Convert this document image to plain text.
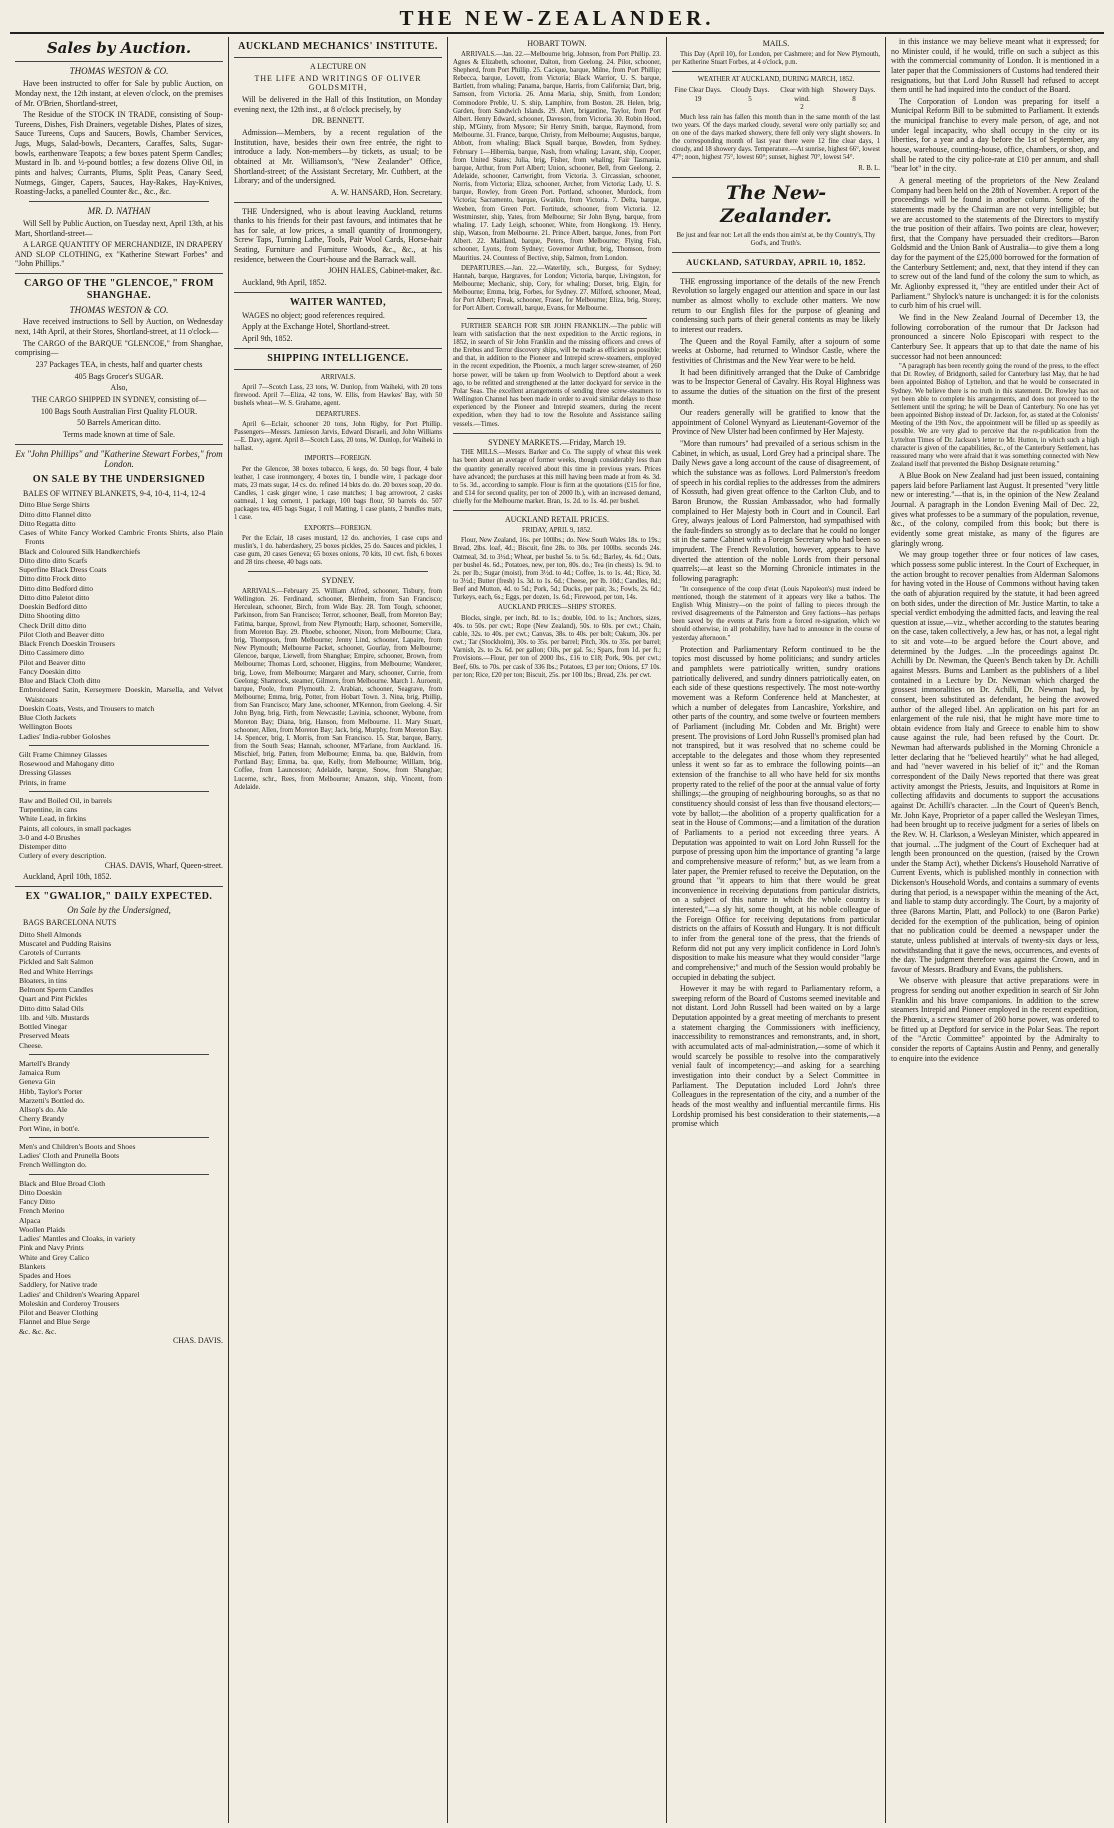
THE NEW-ZEALANDER.
Sales by Auction.
THOMAS WESTON & CO.

Have been instructed to offer for Sale by public Auction, on Monday next, the 12th instant, at eleven o'clock, on the premises of Mr. O'Brien, Shortland-street,

The Residue of the STOCK IN TRADE, consisting of Soup-Tureens, Dishes, Fish Drainers, vegetable Dishes, Plates of sizes, Sauce Tureens, Cups and Saucers, Bowls, Chamber Services, Jugs, Mugs, Salad-bowls, Decanters, Caraffes, Salts, Sugar-bowls, earthenware Teapots; a few boxes patent Sperm Candles; Mustard in lb. and ½-pound bottles; a few dozens Olive Oil, in pints and halves; Currants, Plums, Split Peas, Canary Seed, Nutmegs, Ginger, Capers, Sauces, Hay-Rakes, Hay-Knives, Roasting-Jacks, a panelled Counter &c., &c., &c.

MR. D. NATHAN

Will Sell by Public Auction, on Tuesday next, April 13th, at his Mart, Shortland-street—

A LARGE QUANTITY OF MERCHANDIZE, IN DRAPERY AND SLOP CLOTHING, ex "Katherine Stewart Forbes" and "John Phillips."

CARGO OF THE "GLENCOE," FROM SHANGHAE.
THOMAS WESTON & CO.

Have received instructions to Sell by Auction, on Wednesday next, 14th April, at their Stores, Shortland-street, at 11 o'clock—

The CARGO of the BARQUE "GLENCOE," from Shanghae, comprising—

237 Packages TEA, in chests, half and quarter chests

405 Bags Grocer's SUGAR.

Also,

THE CARGO SHIPPED IN SYDNEY, consisting of—

100 Bags South Australian First Quality FLOUR.

50 Barrels American ditto.

Terms made known at time of Sale.

Ex "John Phillips" and "Katherine Stewart Forbes," from London.
ON SALE BY THE UNDERSIGNED

BALES OF WITNEY BLANKETS, 9-4, 10-4, 11-4, 12-4

Ditto Blue Serge Shirts
Ditto ditto Flannel ditto
Ditto Regatta ditto
Cases of White Fancy Worked Cambric Fronts Shirts, also Plain Fronts
Black and Coloured Silk Handkerchiefs
Ditto ditto ditto Scarfs
Superfine Black Dress Coats
Ditto ditto Frock ditto
Ditto ditto Bedford ditto
Ditto ditto Paletot ditto
Doeskin Bedford ditto
Ditto Shooting ditto
Check Drill ditto ditto
Pilot Cloth and Beaver ditto
Black French Doeskin Trousers
Ditto Cassimere ditto
Pilot and Beaver ditto
Fancy Doeskin ditto
Blue and Black Cloth ditto
Embroidered Satin, Kerseymere Doeskin, Marsella, and Velvet Waistcoats
Doeskin Coats, Vests, and Trousers to match
Blue Cloth Jackets
Wellington Boots
Ladies' India-rubber Goloshes
Gilt Frame Chimney Glasses
Rosewood and Mahogany ditto
Dressing Glasses
Prints, in frame
Raw and Boiled Oil, in barrels
Turpentine, in cans
White Lead, in firkins
Paints, all colours, in small packages
3-0 and 4-0 Brushes
Distemper ditto
Cutlery of every description.

CHAS. DAVIS, Wharf, Queen-street.

Auckland, April 10th, 1852.

EX "GWALIOR," DAILY EXPECTED.
On Sale by the Undersigned,

BAGS BARCELONA NUTS

Ditto Shell Almonds
Muscatel and Pudding Raisins
Carotels of Currants
Pickled and Salt Salmon
Red and White Herrings
Bloaters, in tins
Belmont Sperm Candles
Quart and Pint Pickles
Ditto ditto Salad Oils
1lb. and ½lb. Mustards
Bottled Vinegar
Preserved Meats
Cheese.
Martell's Brandy
Jamaica Rum
Geneva Gin
Hibb, Taylor's Porter
Marzetti's Bottled do.
Allsop's do. Ale
Cherry Brandy
Port Wine, in bott'e.
Men's and Children's Boots and Shoes
Ladies' Cloth and Prunella Boots
French Wellington do.
Black and Blue Broad Cloth
Ditto Doeskin
Fancy Ditto
French Merino
Alpaca
Woollen Plaids
Ladies' Mantles and Cloaks, in variety
Pink and Navy Prints
White and Grey Calico
Blankets
Spades and Hoes
Saddlery, for Native trade
Ladies' and Children's Wearing Apparel
Moleskin and Corderoy Trousers
Pilot and Beaver Clothing
Flannel and Blue Serge
&c. &c. &c.

CHAS. DAVIS.

AUCKLAND MECHANICS' INSTITUTE.

A LECTURE ON

THE LIFE AND WRITINGS OF OLIVER GOLDSMITH,

Will be delivered in the Hall of this Institution, on Monday evening next, the 12th inst., at 8 o'clock precisely, by

DR. BENNETT.

Admission—Members, by a recent regulation of the Institution, have, besides their own free entrée, the right to introduce a lady. Non-members—by tickets, as usual; to be obtained at Mr. Williamson's, "New Zealander" Office, Shortland-street; of the Assistant Secretary, Mr. Cuthbert, at the Library; and of the undersigned.

A. W. HANSARD, Hon. Secretary.

THE Undersigned, who is about leaving Auckland, returns thanks to his friends for their past favours, and intimates that he has for sale, at low prices, a small quantity of Ironmongery, Screw Taps, Turning Lathe, Tools, Pair Wool Cards, Horse-hair Seating, Furniture and Furniture Woods, &c., &c., at his residence, between the Court-house and the Barrack wall.

JOHN HALES, Cabinet-maker, &c.

Auckland, 9th April, 1852.

WAITER WANTED,

WAGES no object; good references required.

Apply at the Exchange Hotel, Shortland-street.

April 9th, 1852.

SHIPPING INTELLIGENCE.

ARRIVALS.

April 7—Scotch Lass, 23 tons, W. Dunlop, from Waiheki, with 20 tons firewood. April 7—Eliza, 42 tons, W. Ellis, from Hawkes' Bay, with 50 bushels wheat—W. S. Grahame, agent.

DEPARTURES.

April 6—Eclair, schooner 20 tons, John Rigby, for Port Phillip. Passengers—Messrs. Jamieson Jarvis, Edward Disraeli, and John Williams—E. Davy, agent. April 8—Scotch Lass, 20 tons, W. Dunlop, for Waiheki in ballast.

IMPORTS—FOREIGN.

Per the Glencoe, 38 boxes tobacco, 6 kegs, do. 50 bags flour, 4 bale leather, 1 case ironmongery, 4 boxes tin, 1 bundle wire, 1 package door mats, 23 mats sugar, 14 cs. do. refined 14 bkts do. do. 20 boxes soap, 20 do. Candles, 1 cask ginger wine, 1 case matches; 1 bag arrowroot, 2 casks oatmeal, 1 keg cement, 1 package, 100 bags flour, 50 barrels do. 507 packages tea, 405 bags Sugar, 1 roll Matting, 1 case plants, 2 bundles mats, 1 case.

EXPORTS—FOREIGN.

Per the Eclair, 18 cases mustard, 12 do. anchovies, 1 case cups and muslin's, 1 do. haberdashery, 25 boxes pickles, 25 do. Sauces and pickles, 1 case gum, 20 cases Geneva; 65 boxes onions, 70 kits, 10 cwt. fish, 6 boxes and 28 tins cheese, 40 bags oats.

SYDNEY.

ARRIVALS.—February 25. William Alfred, schooner, Tisbury, from Wellington. 26. Ferdinand, schooner, Blenheim, from San Francisco; Herculean, schooner, Birch, from Wide Bay. 28. Tom Tough, schooner, Parkinson, from San Francisco; Terror, schooner, Beall, from Moreton Bay; Fatima, barque, Sprowl, from New Plymouth; Harp, schooner, Somerville, from Moreton Bay. 29. Phoebe, schooner, Nixon, from Melbourne; Clara, brig, Thompson, from Melbourne; Jenny Lind, schooner, Lapaire, from New Plymouth; Melbourne Packet, schooner, Gourlay, from Melbourne; Glencoe, barque, Liewell, from Shanghae; Empire, schooner, Brown, from Melbourne; Thomas Lord, schooner, Higgins, from Melbourne; Wanderer, brig, Lowe, from Melbourne; Margaret and Mary, schooner, Currie, from Geelong; Shamrock, steamer, Gilmore, from Melbourne. March 1. Auroenit, barque, Poole, from Plymouth. 2. Arabian, schooner, Seagrave, from Melbourne; Emma, brig, Potter, from Hobart Town. 3. Nina, brig, Phillip, from San Francisco; Mary Jane, schooner, M'Kennon, from Geelong. 4. Sir John Byng, brig, Firth, from Newcastle; Lavinia, schooner, Wybone, from Moreton Bay; Diana, brig, Hanson, from Melbourne. 11. Mary Stuart, schooner, Allen, from Moreton Bay; Jack, brig, Murphy, from Moreton Bay. 14. Spencer, brig, I. Morris, from San Francisco. 15. Star, barque, Barry, from the South Seas; Hannah, schooner, M'Farlane, from Auckland. 16. Mischief, brig, Patten, from Melbourne; Emma, ba. que, Baldwin, from Portland Bay; Emma, ba. que, Kelly, from Melbourne; Willlam, brig, Coffee, from Launceston; Adelaide, barque, Snow, from Shanghae; Lucerne, schr., Rees, from Melbourne; Amazon, ship, Vincent, from Adelaide.

HOBART TOWN.

ARRIVALS.—Jan. 22.—Melbourne brig, Johnson, from Port Phillip. 23. Agnes & Elizabeth, schooner, Dalton, from Geelong. 24. Pilot, schooner, Shepherd, from Port Phillip. 25. Cacique, barque, Milne, from Port Phillip; Rebecca, barque, Lovett, from Victoria; Black Warrior, U. S. barque, Bartlett, from whaling; Panama, barque, Harris, from California; Dart, brig, Samson, from Victoria. 26. Anna Maria, ship, Smith, from London; Commodore Preble, U. S. ship, Lamphire, from Boston. 28. Helen, brig, Garden, from Sandwich Islands. 29. Alert, brigantine, Taylor, from Port Albert. Henry Edward, schooner, Daveson, from Victoria. 30. Robin Hood, ship, M'Ginty, from Mysore; Sir Henry Smith, barque, Raymond, from Melbourne. 31. France, barque, Christy, from Melbourne; Augustus, barque, Abbott, from whaling; Black Squall barque, Bowden, from Sydney. February 1—Hibernia, barque, Nash, from whaling; Lavant, ship, Cooper, from United States; Julia, brig, Fisher, from whaling; Fair Tasmania, barque, Arthur, from Port Albert; Union, schooner, Bell, from Geelong. 2. Adelaide, schooner, Cartwright, from Victoria. 3. Circassian, schooner, Norris, from Victoria; Eliza, schooner, Archer, from Victoria; Lady, U. S. barque, Rowley, from Green Port. Portland, schooner, Murdock, from Victoria; Sacramento, barque, Gwatkin, from Victoria. 7. Delta, barque, Weeben, from Green Port. Fortitude, schooner, from Victoria. 12. Westminster, ship, Yates, from Melbourne; Sir John Byng, barque, from whaling. 17. Lady Leigh, schooner, White, from Hongkong. 19. Henry, ship, Watson, from Melbourne. 21. Prince Albert, barque, Jones, from Port Albert. 22. Maitland, barque, Peters, from Melbourne; Flying Fish, schooner, Lyons, from Sydney; Governor Arthur, brig, Thomson, from Mauritius. 24. Countess of Bective, ship, Salmon, from London.

DEPARTURES.—Jan. 22.—Waterlily, sch., Burgess, for Sydney; Hannah, barque, Hargraves, for London; Victoria, barque, Livingston, for Melbourne; Mechanic, ship, Cory, for whaling; Dorset, brig, Elgin, for Melbourne; Emma, brig, Forbes, for Sydney. 27. Milford, schooner, Mead, for Port Albert; Freak, schooner, Fraser, for Melbourne; Eliza, brig, Storey, for Port Albert. Cornwall, barque, Evans, for Melbourne.

FURTHER SEARCH FOR SIR JOHN FRANKLIN.—The public will learn with satisfaction that the next expedition to the Arctic regions, in 1852, in search of Sir John Franklin and the missing officers and crews of the Erebus and Terror discovery ships, will be made as efficient as possible; and that, in addition to the Pioneer and Intrepid screw-steamers, employed in the recent expedition, the Phoenix, a much larger screw-steamer, of 260 horse power, will be taken up from Woolwich to Deptford about a week ago, to be refitted and strengthened at the latter dockyard for service in the Polar Seas. The excellent arrangements of sending three screw-steamers to Wellington Channel has been made in order to avoid similar delays to those experienced by the Pioneer and Intrepid steamers, during the recent expedition, when they had to tow the Resolute and Assistance sailing vessels.—Times.

SYDNEY MARKETS.—Friday, March 19.

THE MILLS.—Messrs. Barker and Co. The supply of wheat this week has been about an average of former weeks, though considerably less than the quantity generally received about this time in previous years. Prices have advanced; the purchases at this mill having been made at from 4s. 3d. to 5s. 3d., according to sample. Flour is firm at the quotations (£15 for fine, and £14 for second quality, per ton of 2000 lb.), with an increased demand, chiefly for the Melbourne market. Bran, 1s. 2d. to 1s. 4d. per bushel.

AUCKLAND RETAIL PRICES.

FRIDAY, APRIL 9, 1852.

Flour, New Zealand, 16s. per 100lbs.; do. New South Wales 18s. to 19s.; Bread, 2lbs. loaf, 4d.; Biscuit, fine 28s. to 30s. per 100lbs. seconds 24s. Oatmeal, 3d. to 3½d.; Wheat, per bushel 5s. to 5s. 6d.; Barley, 4s. 6d.; Oats, per bushel 4s. 6d.; Potatoes, new, per ton, 80s. do.; Tea (in chests) 1s. 9d. to 2s. per lb.; Sugar (moist), from 3½d. to 4d.; Coffee, 1s. to 1s. 4d.; Rice, 3d. to 3½d.; Butter (fresh) 1s. 3d. to 1s. 6d.; Cheese, per lb. 10d.; Candles, 8d.; Beef and Mutton, 4d. to 5d.; Pork, 5d.; Ducks, per pair, 3s.; Fowls, 2s. 6d.; Turkeys, each, 6s.; Eggs, per dozen, 1s. 6d.; Firewood, per ton, 14s.

AUCKLAND PRICES—SHIPS' STORES.

Blocks, single, per inch, 8d. to 1s.; double, 10d. to 1s.; Anchors, sizes, 40s. to 50s. per cwt.; Rope (New Zealand), 50s. to 60s. per cwt.; Chain, cable, 32s. to 40s. per cwt.; Canvas, 38s. to 40s. per bolt; Oakum, 30s. per cwt.; Tar (Stockholm), 30s. to 35s. per barrel; Pitch, 30s. to 35s. per barrel; Varnish, 2s. to 2s. 6d. per gallon; Oils, per gal. 5s.; Spars, from 1d. per ft.; Provisions.—Flour, per ton of 2000 lbs., £16 to £18; Pork, 90s. per cwt.; Beef, 60s. to 70s. per cask of 336 lbs.; Potatoes, £3 per ton; Onions, £7 10s. per ton; Rice, £20 per ton; Biscuit, 25s. per 100 lbs.; Bread, 23s. per cwt.

MAILS.

This Day (April 10), for London, per Cashmere; and for New Plymouth, per Katherine Stuart Forbes, at 4 o'clock, p.m.

WEATHER AT AUCKLAND, DURING MARCH, 1852.

Fine Clear Days.
19
Cloudy Days.
5
Clear with high wind.
2
Showery Days.
8

Much less rain has fallen this month than in the same month of the last two years. Of the days marked cloudy, several were only partially so; and on one of the days marked showery, there fell only very slight showers. In the corresponding month of last year there were 12 fine clear days, 1 cloudy, and 18 showery days. Temperature.—At sunrise, highest 66°, lowest 47°; noon, highest 75°, lowest 60°; sunset, highest 70°, lowest 54°.

R. B. L.

The New-Zealander.

Be just and fear not: Let all the ends thou aim'st at, be thy Country's, Thy God's, and Truth's.

AUCKLAND, SATURDAY, APRIL 10, 1852.

THE engrossing importance of the details of the new French Revolution so largely engaged our attention and space in our last number as almost wholly to exclude other matters. We now return to our English files for the purpose of gleaning and condensing such parts of their general contents as may be likely to interest our readers.

The Queen and the Royal Family, after a sojourn of some weeks at Osborne, had returned to Windsor Castle, where the festivities of Christmas and the New Year were to be held.

It had been difinitively arranged that the Duke of Cambridge was to be Inspector General of Cavalry. His Royal Highness was to assume the duties of the situation on the first of the present month.

Our readers generally will be gratified to know that the appointment of Colonel Wynyard as Lieutenant-Governor of the Province of New Ulster had been confirmed by Her Majesty.

"More than rumours" had prevailed of a serious schism in the Cabinet, in which, as usual, Lord Grey had a principal share. The Daily News gave a long account of the cause of disagreement, of which the substance was as follows. Lord Palmerston's freedom of speech in his cordial replies to the addresses from the admirers of Kossuth, had given great offence to the Carlton Club, and to Baron Brunow, the Russian Ambassador, who had formally complained to Her Majesty both in Court and in Council. Earl Grey, always jealous of Lord Palmerston, had sympathised with the fault-finders so strongly as to declare that he could no longer sit in the same Cabinet with a Foreign Secretary who had been so imprudent. The French Revolution, however, appears to have diverted the attention of the noble Lords from their personal quarrels;—at least so the Morning Chronicle intimates in the following paragraph:

"In consequence of the coup d'etat (Louis Napoleon's) must indeed be mentioned, though the statement of it appears very like a bathos. The English Whig Ministry—on the point of falling to pieces through the revived disagreements of the Palmerston and Grey factions—has perhaps been saved by the events at Paris from a forced re-signation, which we should otherwise, in all probability, have had to announce in the course of yesterday afternoon."

Protection and Parliamentary Reform continued to be the topics most discussed by home politicians; and sundry articles and pamphlets were patriotically written, sundry orations patriotically delivered, and sundry dinners patriotically eaten, on each side of these questions respectively. The most note-worthy movement was a Reform Conference held at Manchester, at which a number of delegates from Lancashire, Yorkshire, and other parts of the country, and some twelve or fourteen members of Parliament (including Mr. Cobden and Mr. Bright) were present. The provisions of Lord John Russell's promised plan had not transpired, but it was resolved that no scheme could be acceptable to the delegates and those whom they represented unless it went so far as to embrace the following points—an extension of the franchise to all who have held for six months property rated to the relief of the poor at the annual value of forty shillings;—the grouping of neighbouring boroughs, so as that no constituency should consist of less than five thousand electors;—vote by ballot;—the abolition of a property qualification for a seat in the House of Commons;—and a limitation of the duration of Parliaments to a period not exceeding three years. A Deputation was appointed to wait on Lord John Russell for the purpose of pressing upon him the importance of granting "a large and comprehensive measure of reform;" but, as we learn from a later paper, the Premier refused to receive the Deputation, on the ground that "it appears to him that there would be great inconvenience in receiving deputations from particular districts, on a subject of this nature in which the whole country is interested,"—a sly hit, some thought, at his noble colleague of the Foreign Office for receiving deputations from particular districts on the affairs of Kossuth and Hungary. It is not difficult to infer from the general tone of the press, that the friends of Reform did not put any very implicit confidence in Lord John's disposition to make his measure what they would consider "large and comprehensive;" and much of the Session would probably be occupied in debating the subject.

However it may be with regard to Parliamentary reform, a sweeping reform of the Board of Customs seemed inevitable and not distant. Lord John Russell had been waited on by a large Deputation appointed by a great meeting of merchants to present a statement charging the Commissioners with inefficiency, inaccessibility to remonstrances and remonstrants, and, in short, with accumulated acts of mal-administration,—some of which it would scarcely be possible to resolve into the comparatively venial fault of incompetency;—and asking for a searching investigation into their conduct by a Select Committee in Parliament. The Deputation included Lord John's three Colleagues in the representation of the city, and a number of the heads of the most wealthy and influential mercantile firms. His Lordship promised his best consideration to their statements,—a promise which

in this instance we may believe meant what it expressed; for no Minister could, if he would, trifle on such a subject as this with the commercial community of London. It is mentioned in a later paper that the Commissioners of Customs had tendered their resignations, but that Lord John Russell had refused to accept them until he had inquired into the conduct of the Board.

The Corporation of London was preparing for itself a Municipal Reform Bill to be submitted to Parliament. It extends the municipal franchise to every male person, of age, and not under legal incapacity, who shall occupy in the city or its liberties, for a year and a day before the 1st of September, any house, warehouse, counting-house, office, chambers, or shop, and shall be rated to the city police-rate at £10 per annum, and shall "bear lot" in the city.

A general meeting of the proprietors of the New Zealand Company had been held on the 28th of November. A report of the proceedings will be found in another column. Some of the statements made by the Chairman are not very intelligible; but we are accustomed to the statements of the Directors to mystify the true position of their affairs. Two points are clear, however; first, that the Company have persuaded their creditors—Baron Goldsmid and the Union Bank of Australia—to give them a long day for the payment of the £25,000 borrowed for the formation of the Canterbury Settlement; and, next, that they intend if they can to screw out of the land fund of the colony the sum to which, as Mr. Aglionby expressed it, "they are entitled under their Act of Parliament." Shylock's nature is unchanged: it is for the colonists to curb him of his cruel will.

We find in the New Zealand Journal of December 13, the following corroboration of the rumour that Dr Jackson had pronounced a sincere Nolo Episcopari with respect to the Canterbury See. It appears that up to that date the name of his successor had not been announced:

"A paragraph has been recently going the round of the press, to the effect that Dr. Rowley, of Bridgnorth, sailed for Canterbury last May, that he had been appointed Bishop of Lyttelton, and that he would be consecrated in Sydney. We believe there is no truth in this statement. Dr. Rowley has not yet been able to complete his arrangements, and does not proceed to the Settlement until the spring; he will be Dean of Canterbury. No one has yet been appointed Bishop instead of Dr. Jackson, for, as stated at the Colonists' Meeting of the 19th Nov., the appointment will be filled up as speedily as possible. We are very glad to perceive that the re-publication from the Lyttelton Times of Dr. Jackson's letter to Mr. Hutton, in which such a high character is given of the capabilities, &c., of the Canterbury Settlement, has reassured many who were afraid that it was something connected with New Zealand itself that prevented the Bishop Designate returning."

A Blue Book on New Zealand had just been issued, containing papers laid before Parliament last August. It presented "very little new or interesting."—that is, in the opinion of the New Zealand Journal. A paragraph in the London Evening Mail of Dec. 22, gives what professes to be a summary of the population, revenue, &c., of the colony, compiled from this book; but there is evidently some great mistake, as many of the figures are glaringly wrong.

We may group together three or four notices of law cases, which possess some public interest. In the Court of Exchequer, in the action brought to recover penalties from Alderman Salomons for having voted in the House of Commons without having taken the oath of abjuration required by the statute, it had been agreed on both sides, under the direction of Mr. Justice Martin, to take a special verdict embodying the admitted facts, and leaving the real question at issue,—viz., whether according to the statutes bearing on the case, taken collectively, a Jew has, or has not, a legal right to sit and vote—to be argued before the Court above, and determined by the Judges. ...In the proceedings against Dr. Achilli by Dr. Newman, the Queen's Bench taken by Dr. Achilli against Messrs. Burns and Lambert as the publishers of a libel contained in a Lecture by Dr. Newman which charged the grossest immoralities on Dr. Achilli, Dr. Newman had, by consent, been substituted as defendant, he being the avowed author of the alleged libel. An application on his part for an enlargement of the rule nisi, that he might have more time to obtain evidence from Italy and Greece to enable him to show cause against the rule, had been refused by the Court. Dr. Newman had afterwards published in the Morning Chronicle a letter declaring that he "believed heartily" what he had alleged, and had "never wavered in his belief of it;" and the Roman correspondent of the Daily News reported that there was great activity amongst the Priests, Jesuits, and Inquisitors at Rome in collecting affidavits and documents to support the accusations against Dr. Achilli's character. ...In the Court of Queen's Bench, Mr. John Kaye, Proprietor of a paper called the Wesleyan Times, had been brought up to receive judgment for a series of libels on the Rev. W. H. Clarkson, a Wesleyan Minister, which appeared in that journal. ...The judgment of the Court of Exchequer had at length been pronounced on the question, (raised by the Crown under the Stamp Act), whether Dickens's Household Narrative of Current Events, which is published monthly in connection with Dickenson's Household Words, and contains a summary of events during that period, is a newspaper within the meaning of the Act, and liable to stamp duty accordingly. The Court, by a majority of three (Barons Martin, Platt, and Pollock) to one (Baron Parke) decided for the exemption of the publication, being of opinion that no publication could be deemed a newspaper under the statute, unless published at intervals of twenty-six days or less, notwithstanding that it gave the news, occurrences, and events of the day. The judgment therefore was against the Crown, and in favour of Messrs. Bradbury and Evans, the publishers.

We observe with pleasure that active preparations were in progress for sending out another expedition in search of Sir John Franklin and his brave companions. In addition to the screw steamers Intrepid and Pioneer employed in the recent expedition, the Phœnix, a screw steamer of 260 horse power, was ordered to be fitted up at Deptford for service in the Polar Seas. The report of the "Arctic Committee" appointed by the Admiralty to consider the reports of Captains Austin and Penny, and generally to enquire into the evidence
